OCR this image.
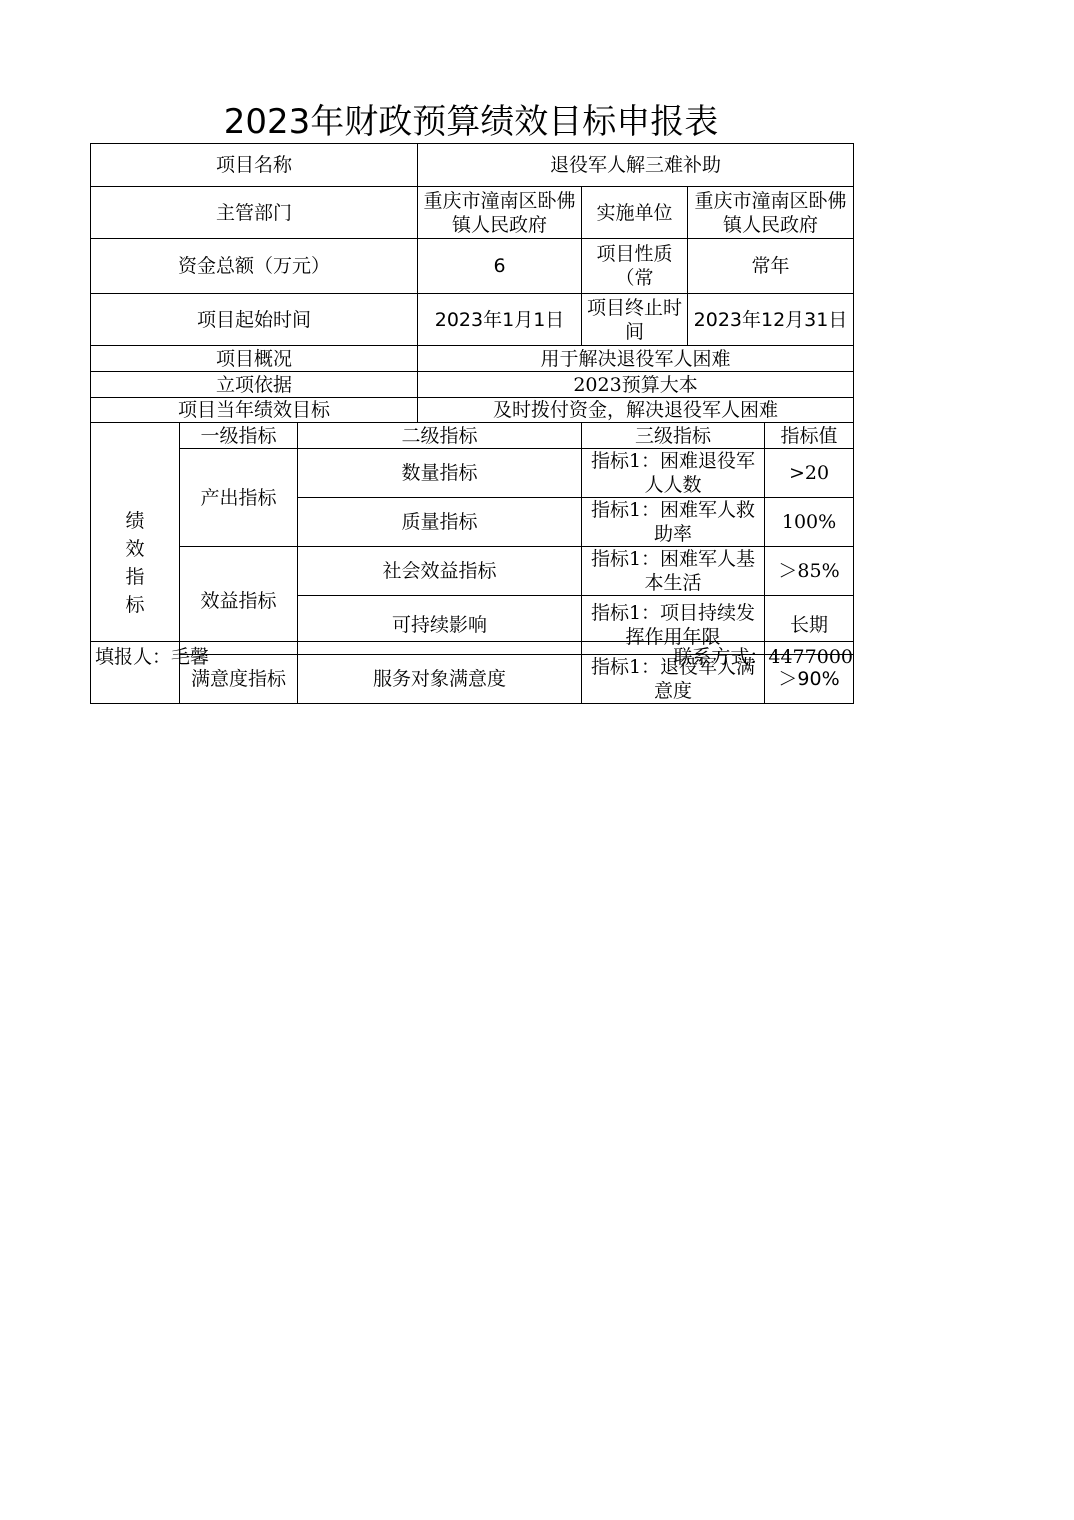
2023年财政预算绩效目标申报表
项目名称			退役军人解三难补助			
主管部门			重庆市潼南区卧佛镇人民政府	实施单位	重庆市潼南区卧佛镇人民政府	
资金总额（万元）			6	项目性质（常	常年	
项目起始时间			2023年1月1日	项目终止时间	2023年12月31日	
项目概况			用于解决退役军人困难			
立项依据			2023预算大本			
项目当年绩效目标			及时拨付资金，解决退役军人困难			

绩
效
指
标	一级指标	二级指标		三级指标		指标值
	产出指标	数量指标		指标1：困难退役军人人数		>20
		质量指标		指标1：困难军人救助率		100%
	效益指标	社会效益指标		指标1：困难军人基本生活		＞85%
		可持续影响		指标1：项目持续发挥作用年限		长期
	满意度指标	服务对象满意度		指标1：退役军人满意度		＞90%
填报人：毛馨	联系方式：4477000
